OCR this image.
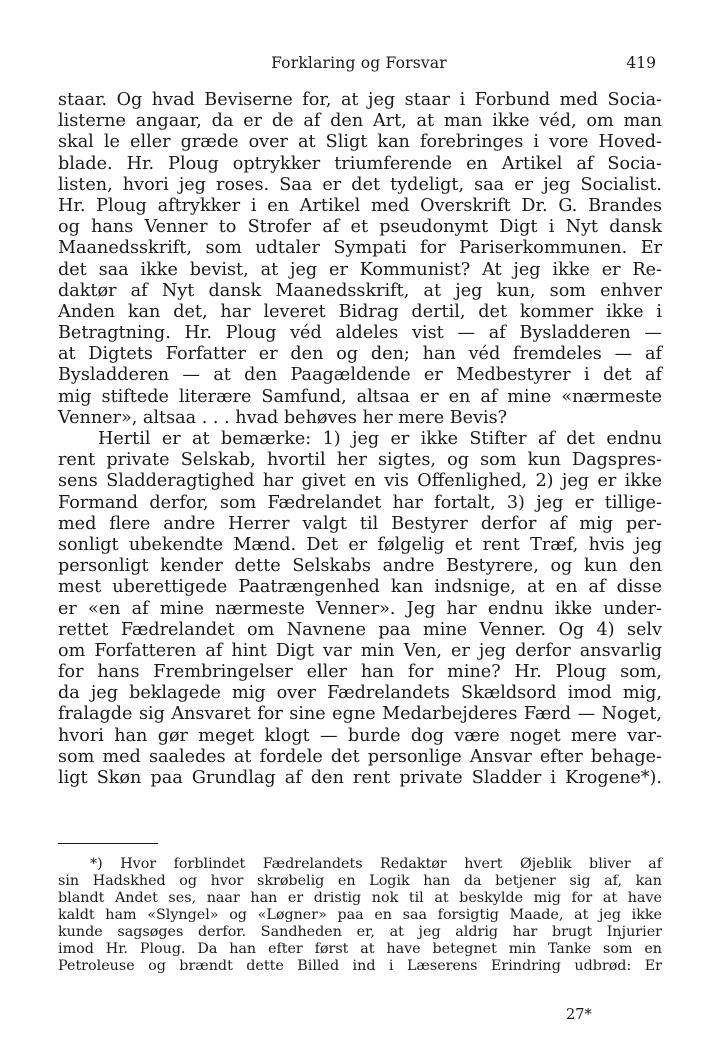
Forklaring og Forsvar	419
staar. Og hvad Beviserne for, at jeg staar i Forbund med Socia-
listerne angaar, da er de af den Art, at man ikke véd, om man
skal le eller græde over at Sligt kan forebringes i vore Hoved-
blade. Hr. Ploug optrykker triumferende en Artikel af Socia-
listen, hvori jeg roses. Saa er det tydeligt, saa er jeg Socialist.
Hr. Ploug aftrykker i en Artikel med Overskrift Dr. G. Brandes
og hans Venner to Strofer af et pseudonymt Digt i Nyt dansk
Maanedsskrift, som udtaler Sympati for Pariserkommunen. Er
det saa ikke bevist, at jeg er Kommunist? At jeg ikke er Re-
daktør af Nyt dansk Maanedsskrift, at jeg kun, som enhver
Anden kan det, har leveret Bidrag dertil, det kommer ikke i
Betragtning. Hr. Ploug véd aldeles vist — af Bysladderen —
at Digtets Forfatter er den og den; han véd fremdeles — af
Bysladderen — at den Paagældende er Medbestyrer i det af
mig stiftede literære Samfund, altsaa er en af mine «nærmeste
Venner», altsaa . . . hvad behøves her mere Bevis?
Hertil er at bemærke: 1) jeg er ikke Stifter af det endnu
rent private Selskab, hvortil her sigtes, og som kun Dagspres-
sens Sladderagtighed har givet en vis Offenlighed, 2) jeg er ikke
Formand derfor, som Fædrelandet har fortalt, 3) jeg er tillige-
med flere andre Herrer valgt til Bestyrer derfor af mig per-
sonligt ubekendte Mænd. Det er følgelig et rent Træf, hvis jeg
personligt kender dette Selskabs andre Bestyrere, og kun den
mest uberettigede Paatrængenhed kan indsnige, at en af disse
er «en af mine nærmeste Venner». Jeg har endnu ikke under-
rettet Fædrelandet om Navnene paa mine Venner. Og 4) selv
om Forfatteren af hint Digt var min Ven, er jeg derfor ansvarlig
for hans Frembringelser eller han for mine? Hr. Ploug som,
da jeg beklagede mig over Fædrelandets Skældsord imod mig,
fralagde sig Ansvaret for sine egne Medarbejderes Færd — Noget,
hvori han gør meget klogt — burde dog være noget mere var-
som med saaledes at fordele det personlige Ansvar efter behage-
ligt Skøn paa Grundlag af den rent private Sladder i Krogene*).
*) Hvor forblindet Fædrelandets Redaktør hvert Øjeblik bliver af
sin Hadskhed og hvor skrøbelig en Logik han da betjener sig af, kan
blandt Andet ses, naar han er dristig nok til at beskylde mig for at have
kaldt ham «Slyngel» og «Løgner» paa en saa forsigtig Maade, at jeg ikke
kunde sagsøges derfor. Sandheden er, at jeg aldrig har brugt Injurier
imod Hr. Ploug. Da han efter først at have betegnet min Tanke som en
Petroleuse og brændt dette Billed ind i Læserens Erindring udbrød: Er
27*
